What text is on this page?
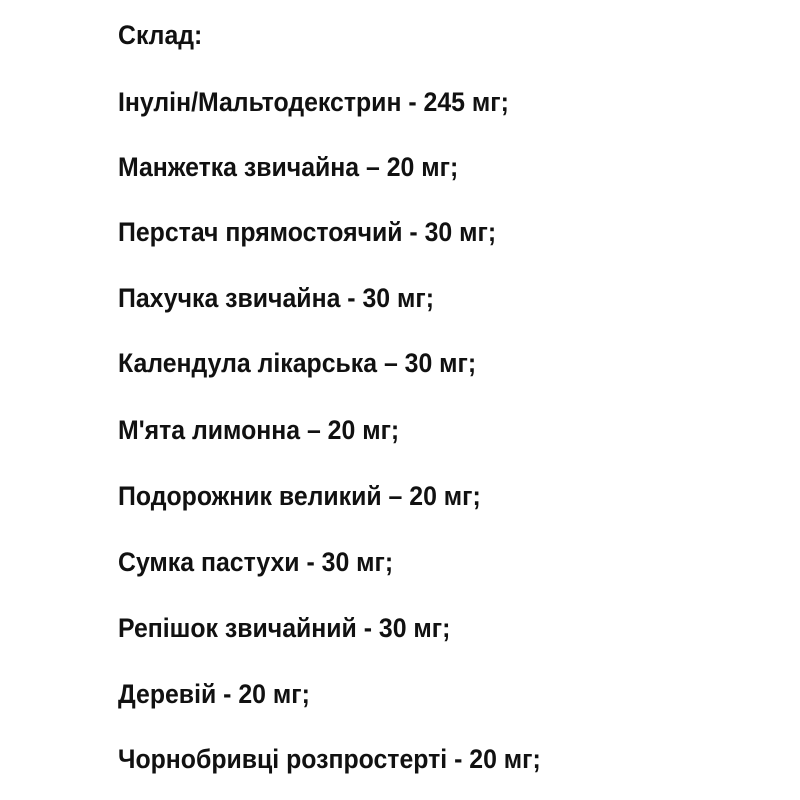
Склад:

Інулін/Мальтодекстрин - 245 мг;

Манжетка звичайна – 20 мг;

Перстач прямостоячий - 30 мг;

Пахучка звичайна - 30 мг;

Календула лікарська – 30 мг;

М'ята лимонна – 20 мг;

Подорожник великий – 20 мг;

Сумка пастухи - 30 мг;

Репішок звичайний - 30 мг;

Деревій - 20 мг;

Чорнобривці розпростерті - 20 мг;
